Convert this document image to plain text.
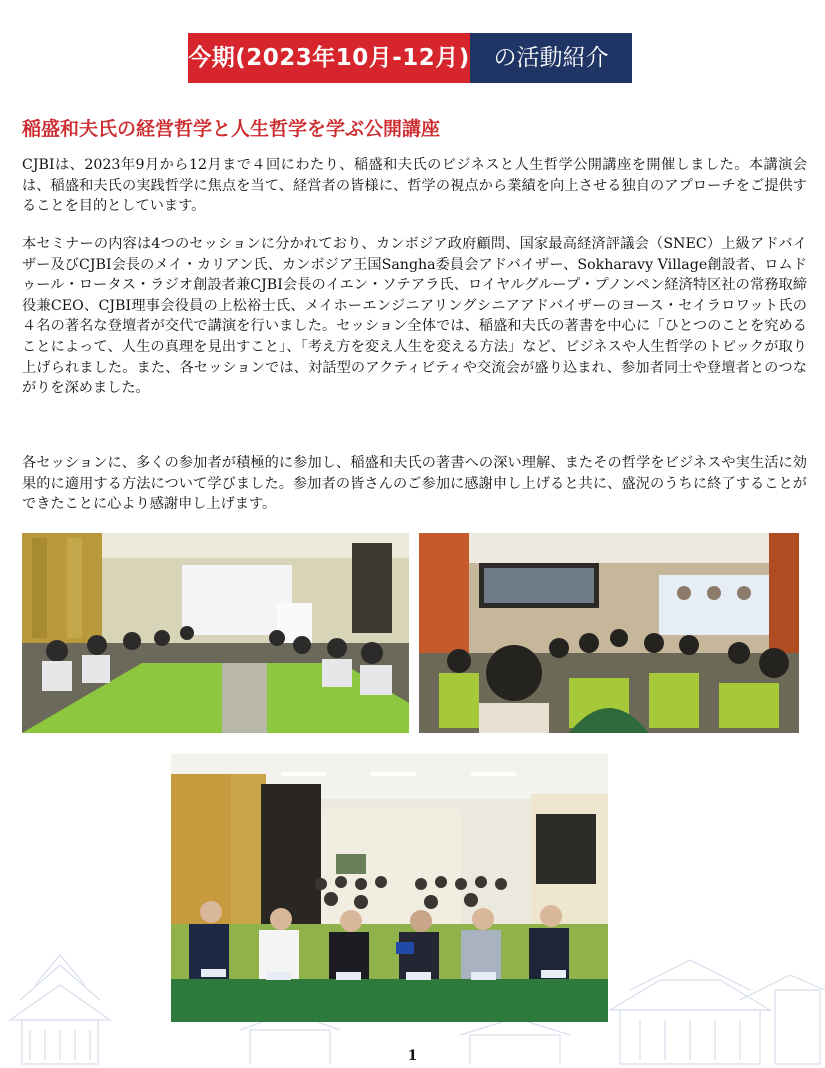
今期(2023年10月-12月)	の活動紹介
稲盛和夫氏の経営哲学と人生哲学を学ぶ公開講座

CJBIは、2023年9月から12月まで４回にわたり、稲盛和夫氏のビジネスと人生哲学公開講座を開催しました。本講演会は、稲盛和夫氏の実践哲学に焦点を当て、経営者の皆様に、哲学の視点から業績を向上させる独自のアプローチをご提供することを目的としています。

本セミナーの内容は4つのセッションに分かれており、カンボジア政府顧問、国家最高経済評議会（SNEC）上級アドバイザー及びCJBI会長のメイ・カリアン氏、カンボジア王国Sangha委員会アドバイザー、Sokharavy Village創設者、ロムドゥール・ロータス・ラジオ創設者兼CJBI会長のイエン・ソテアラ氏、ロイヤルグループ・プノンペン経済特区社の常務取締役兼CEO、CJBI理事会役員の上松裕士氏、メイホーエンジニアリングシニアアドバイザーのヨース・セイラロワット氏の４名の著名な登壇者が交代で講演を行いました。セッション全体では、稲盛和夫氏の著書を中心に「ひとつのことを究めることによって、人生の真理を見出すこと」、「考え方を変え人生を変える方法」など、ビジネスや人生哲学のトピックが取り上げられました。また、各セッションでは、対話型のアクティビティや交流会が盛り込まれ、参加者同士や登壇者とのつながりを深めました。

各セッションに、多くの参加者が積極的に参加し、稲盛和夫氏の著書への深い理解、またその哲学をビジネスや実生活に効果的に適用する方法について学びました。参加者の皆さんのご参加に感謝申し上げると共に、盛況のうちに終了することができたことに心より感謝申し上げます。

1
